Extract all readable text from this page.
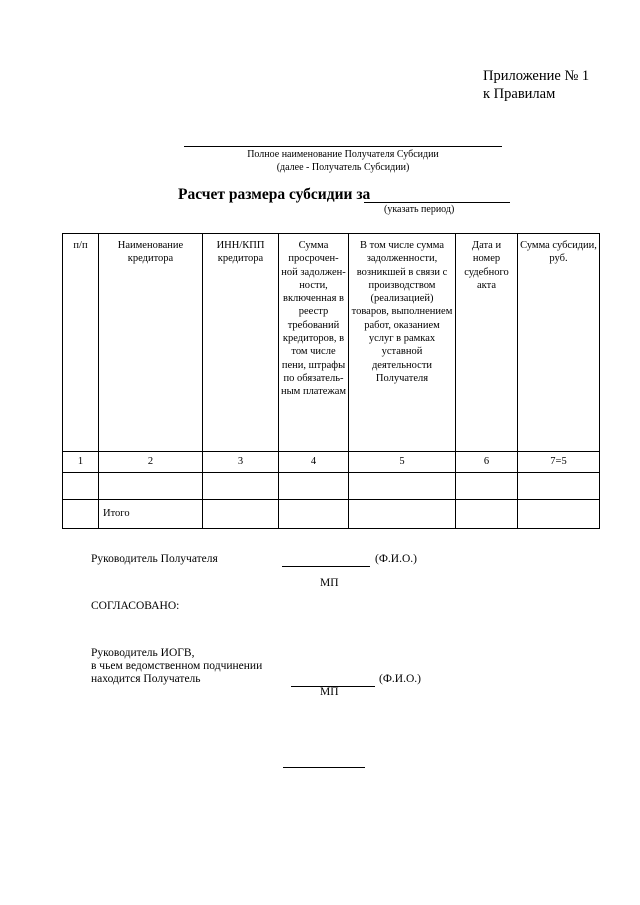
Приложение № 1
к Правилам
Полное наименование Получателя Субсидии
(далее - Получатель Субсидии)
Расчет размера субсидии за
(указать период)
п/п	Наименование кредитора	ИНН/КПП кредитора	Сумма просрочен-ной задолжен-ности, включенная в реестр требований кредиторов, в том числе пени, штрафы по обязатель-ным платежам	В том числе сумма задолженности, возникшей в связи с производством (реализацией) товаров, выполнением работ, оказанием услуг в рамках уставной деятельности Получателя	Дата и номер судебного акта	Сумма субсидии, руб.
1	2	3	4	5	6	7=5

	Итого					
Руководитель Получателя	(Ф.И.О.)
МП
СОГЛАСОВАНО:
Руководитель ИОГВ,
в чьем ведомственном подчинении
находится Получатель	(Ф.И.О.)
МП
